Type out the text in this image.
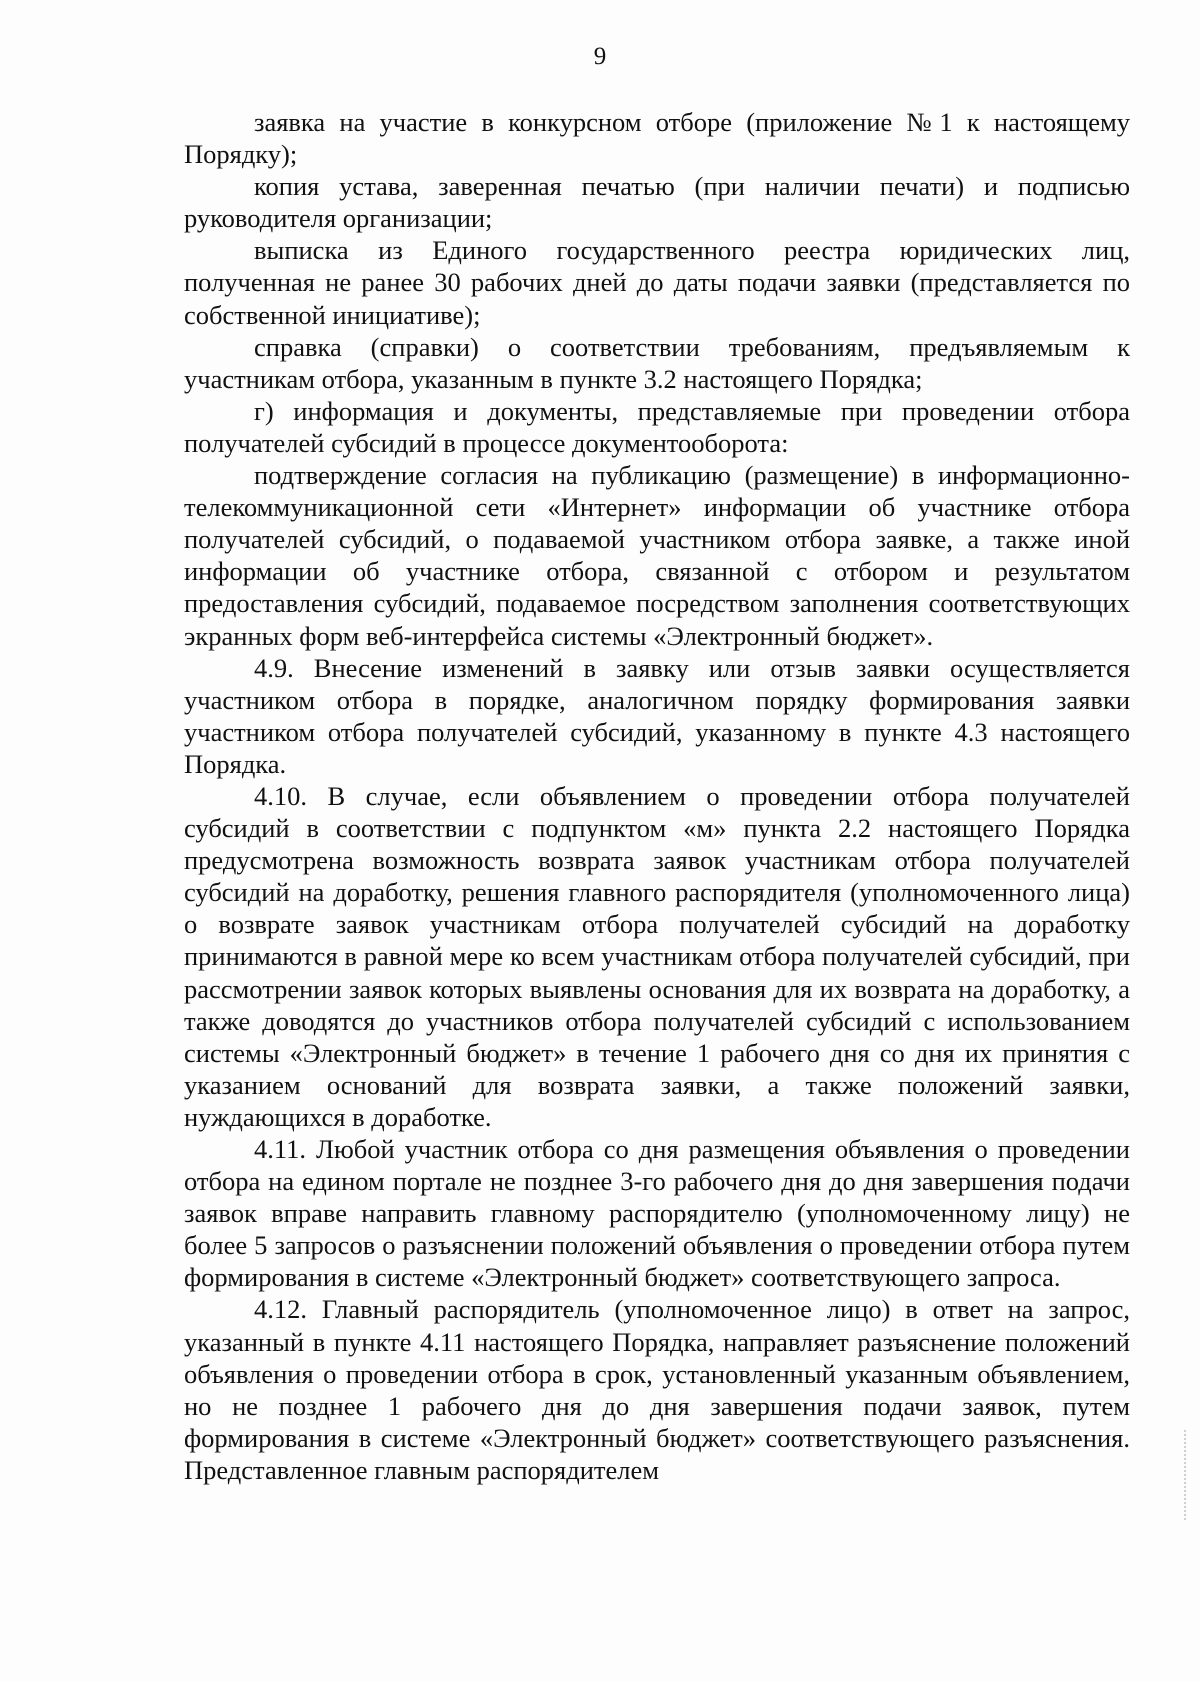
9

заявка на участие в конкурсном отборе (приложение №1 к настоящему Порядку);

копия устава, заверенная печатью (при наличии печати) и подписью руководителя организации;

выписка из Единого государственного реестра юридических лиц, полученная не ранее 30 рабочих дней до даты подачи заявки (представляется по собственной инициативе);

справка (справки) о соответствии требованиям, предъявляемым к участникам отбора, указанным в пункте 3.2 настоящего Порядка;

г) информация и документы, представляемые при проведении отбора получателей субсидий в процессе документооборота:

подтверждение согласия на публикацию (размещение) в информационно-телекоммуникационной сети «Интернет» информации об участнике отбора получателей субсидий, о подаваемой участником отбора заявке, а также иной информации об участнике отбора, связанной с отбором и результатом предоставления субсидий, подаваемое посредством заполнения соответствующих экранных форм веб-интерфейса системы «Электронный бюджет».

4.9. Внесение изменений в заявку или отзыв заявки осуществляется участником отбора в порядке, аналогичном порядку формирования заявки участником отбора получателей субсидий, указанному в пункте 4.3 настоящего Порядка.

4.10. В случае, если объявлением о проведении отбора получателей субсидий в соответствии с подпунктом «м» пункта 2.2 настоящего Порядка предусмотрена возможность возврата заявок участникам отбора получателей субсидий на доработку, решения главного распорядителя (уполномоченного лица) о возврате заявок участникам отбора получателей субсидий на доработку принимаются в равной мере ко всем участникам отбора получателей субсидий, при рассмотрении заявок которых выявлены основания для их возврата на доработку, а также доводятся до участников отбора получателей субсидий с использованием системы «Электронный бюджет» в течение 1 рабочего дня со дня их принятия с указанием оснований для возврата заявки, а также положений заявки, нуждающихся в доработке.

4.11. Любой участник отбора со дня размещения объявления о проведении отбора на едином портале не позднее 3-го рабочего дня до дня завершения подачи заявок вправе направить главному распорядителю (уполномоченному лицу) не более 5 запросов о разъяснении положений объявления о проведении отбора путем формирования в системе «Электронный бюджет» соответствующего запроса.

4.12. Главный распорядитель (уполномоченное лицо) в ответ на запрос, указанный в пункте 4.11 настоящего Порядка, направляет разъяснение положений объявления о проведении отбора в срок, установленный указанным объявлением, но не позднее 1 рабочего дня до дня завершения подачи заявок, путем формирования в системе «Электронный бюджет» соответствующего разъяснения. Представленное главным распорядителем
